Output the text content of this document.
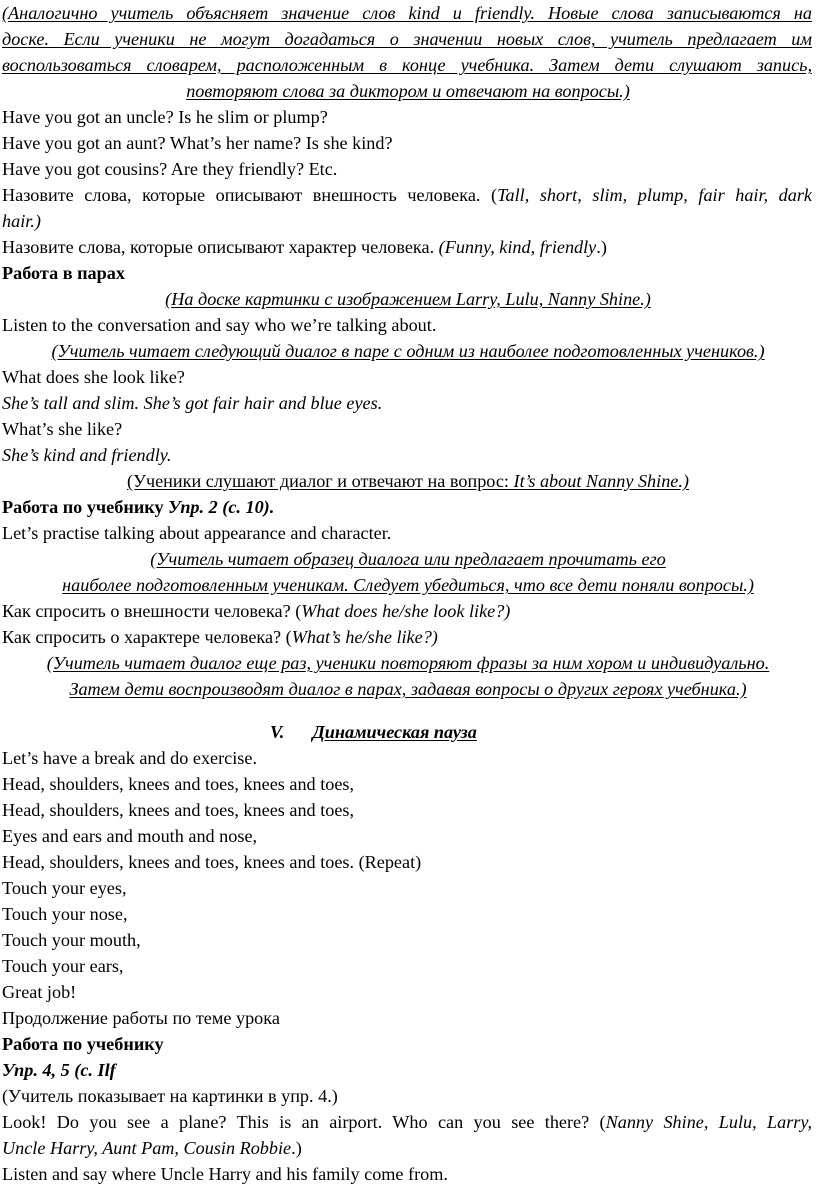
(Аналогично учитель объясняет значение слов kind и friendly. Новые слова записываются на
доске. Если ученики не могут догадаться о значении новых слов, учитель предлагает им
воспользоваться словарем, расположенным в конце учебника. Затем дети слушают запись,
повторяют слова за диктором и отвечают на вопросы.)
Have you got an uncle? Is he slim or plump?
Have you got an aunt? What’s her name? Is she kind?
Have you got cousins? Are they friendly? Etc.
Назовите слова, которые описывают внешность человека. (Tall, short, slim, plump, fair hair, dark
hair.)
Назовите слова, которые описывают характер человека. (Funny, kind, friendly.)
Работа в парах
(На доске картинки с изображением Larry, Lulu, Nanny Shine.)
Listen to the conversation and say who we’re talking about.
(Учитель читает следующий диалог в паре с одним из наиболее подготовленных учеников.)
What does she look like?
She’s tall and slim. She’s got fair hair and blue eyes.
What’s she like?
She’s kind and friendly.
(Ученики слушают диалог и отвечают на вопрос: It’s about Nanny Shine.)
Работа по учебнику Упр. 2 (с. 10).
Let’s practise talking about appearance and character.
(Учитель читает образец диалога или предлагает прочитать его
наиболее подготовленным ученикам. Следует убедиться, что все дети поняли вопросы.)
Как спросить о внешности человека? (What does he/she look like?)
Как спросить о характере человека? (What’s he/she like?)
(Учитель читает диалог еще раз, ученики повторяют фразы за ним хором и индивидуально.
Затем дети воспроизводят диалог в парах, задавая вопросы о других героях учебника.)
V. Динамическая пауза
Let’s have a break and do exercise.
Head, shoulders, knees and toes, knees and toes,
Head, shoulders, knees and toes, knees and toes,
Eyes and ears and mouth and nose,
Head, shoulders, knees and toes, knees and toes. (Repeat)
Touch your eyes,
Touch your nose,
Touch your mouth,
Touch your ears,
Great job!
Продолжение работы по теме урока
Работа по учебнику
Упр. 4, 5 (с. Ilf
(Учитель показывает на картинки в упр. 4.)
Look! Do you see a plane? This is an airport. Who can you see there? (Nanny Shine, Lulu, Larry,
Uncle Harry, Aunt Pam, Cousin Robbie.)
Listen and say where Uncle Harry and his family come from.
